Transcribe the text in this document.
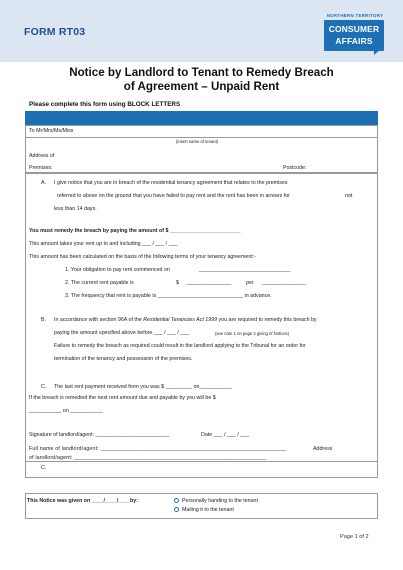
FORM RT03
NORTHERN TERRITORY
CONSUMER
AFFAIRS
Notice by Landlord to Tenant to Remedy Breach
of Agreement – Unpaid Rent
Please complete this form using BLOCK LETTERS
To Mr/Mrs/Ms/Miss
(insert name of tenant)
Address of
Premises:	Postcode:
A. I give notice that you are in breach of the residential tenancy agreement that relates to the premises
referred to above on the ground that you have failed to pay rent and the rent has been in arrears for	not
less than 14 days.
You must remedy the breach by paying the amount of $ ________________________
This amount takes your rent up to and including ___ / ___ / ___
This amount has been calculated on the basis of the following terms of your tenancy agreement:-
1. Your obligation to pay rent commenced on	_______________________________
2. The current rent payable is	$ _______________	per _______________
3. The frequency that rent is payable is _____________________________ in advance.
B. In accordance with section 96A of the Residential Tenancies Act 1999 you are required to remedy this breach by
paying the amount specified above before ___ / ___ / ___	(see note 1 on page 2 giving of Notices)
Failure to remedy the breach as required could result in the landlord applying to the Tribunal for an order for
termination of the tenancy and possession of the premises.
C. The last rent payment received from you was $ _________ on___________
If the breach is remedied the next rent amount due and payable by you will be $
___________ on ___________
Signature of landlord/agent: _________________________	Date ___ / ___ / ___
Full name of landlord/agent: ____________________________________________________________	Address
of landlord/agent: ______________________________________________________________
C.
This Notice was given on ____/____/____by:	Personally handing to the tenant
Mailing it to the tenant
Page 1 of 2
